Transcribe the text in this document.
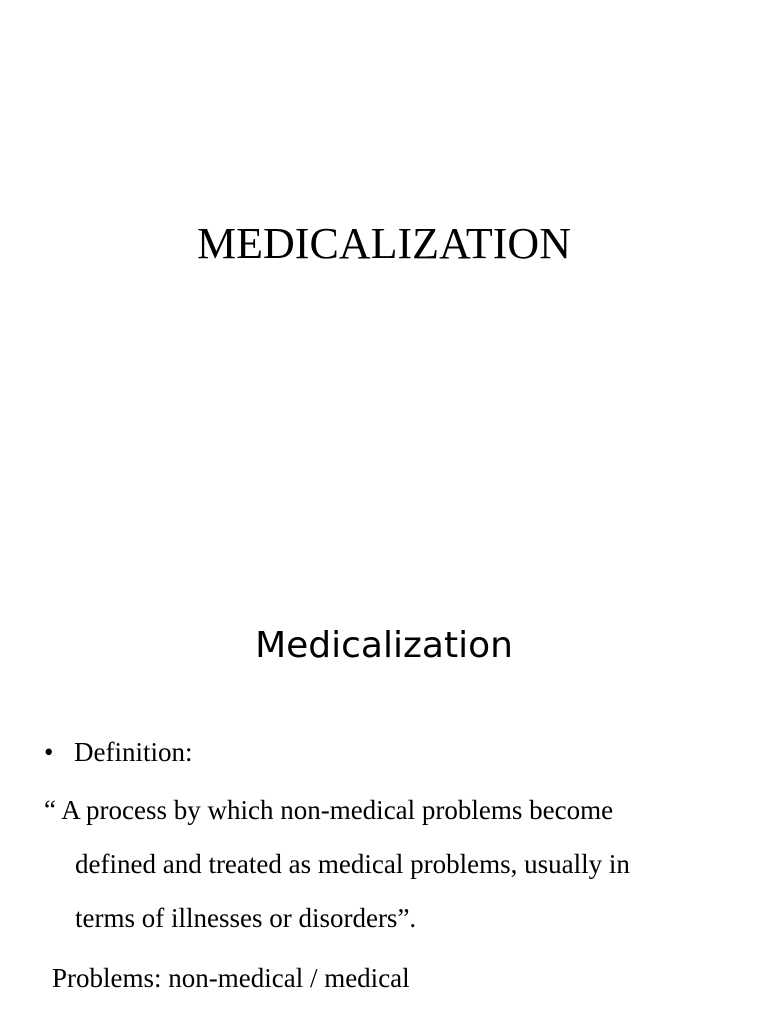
MEDICALIZATION
Medicalization

• Definition:

“ A process by which non-medical problems become
defined and treated as medical problems, usually in
terms of illnesses or disorders”.

Problems: non-medical / medical
